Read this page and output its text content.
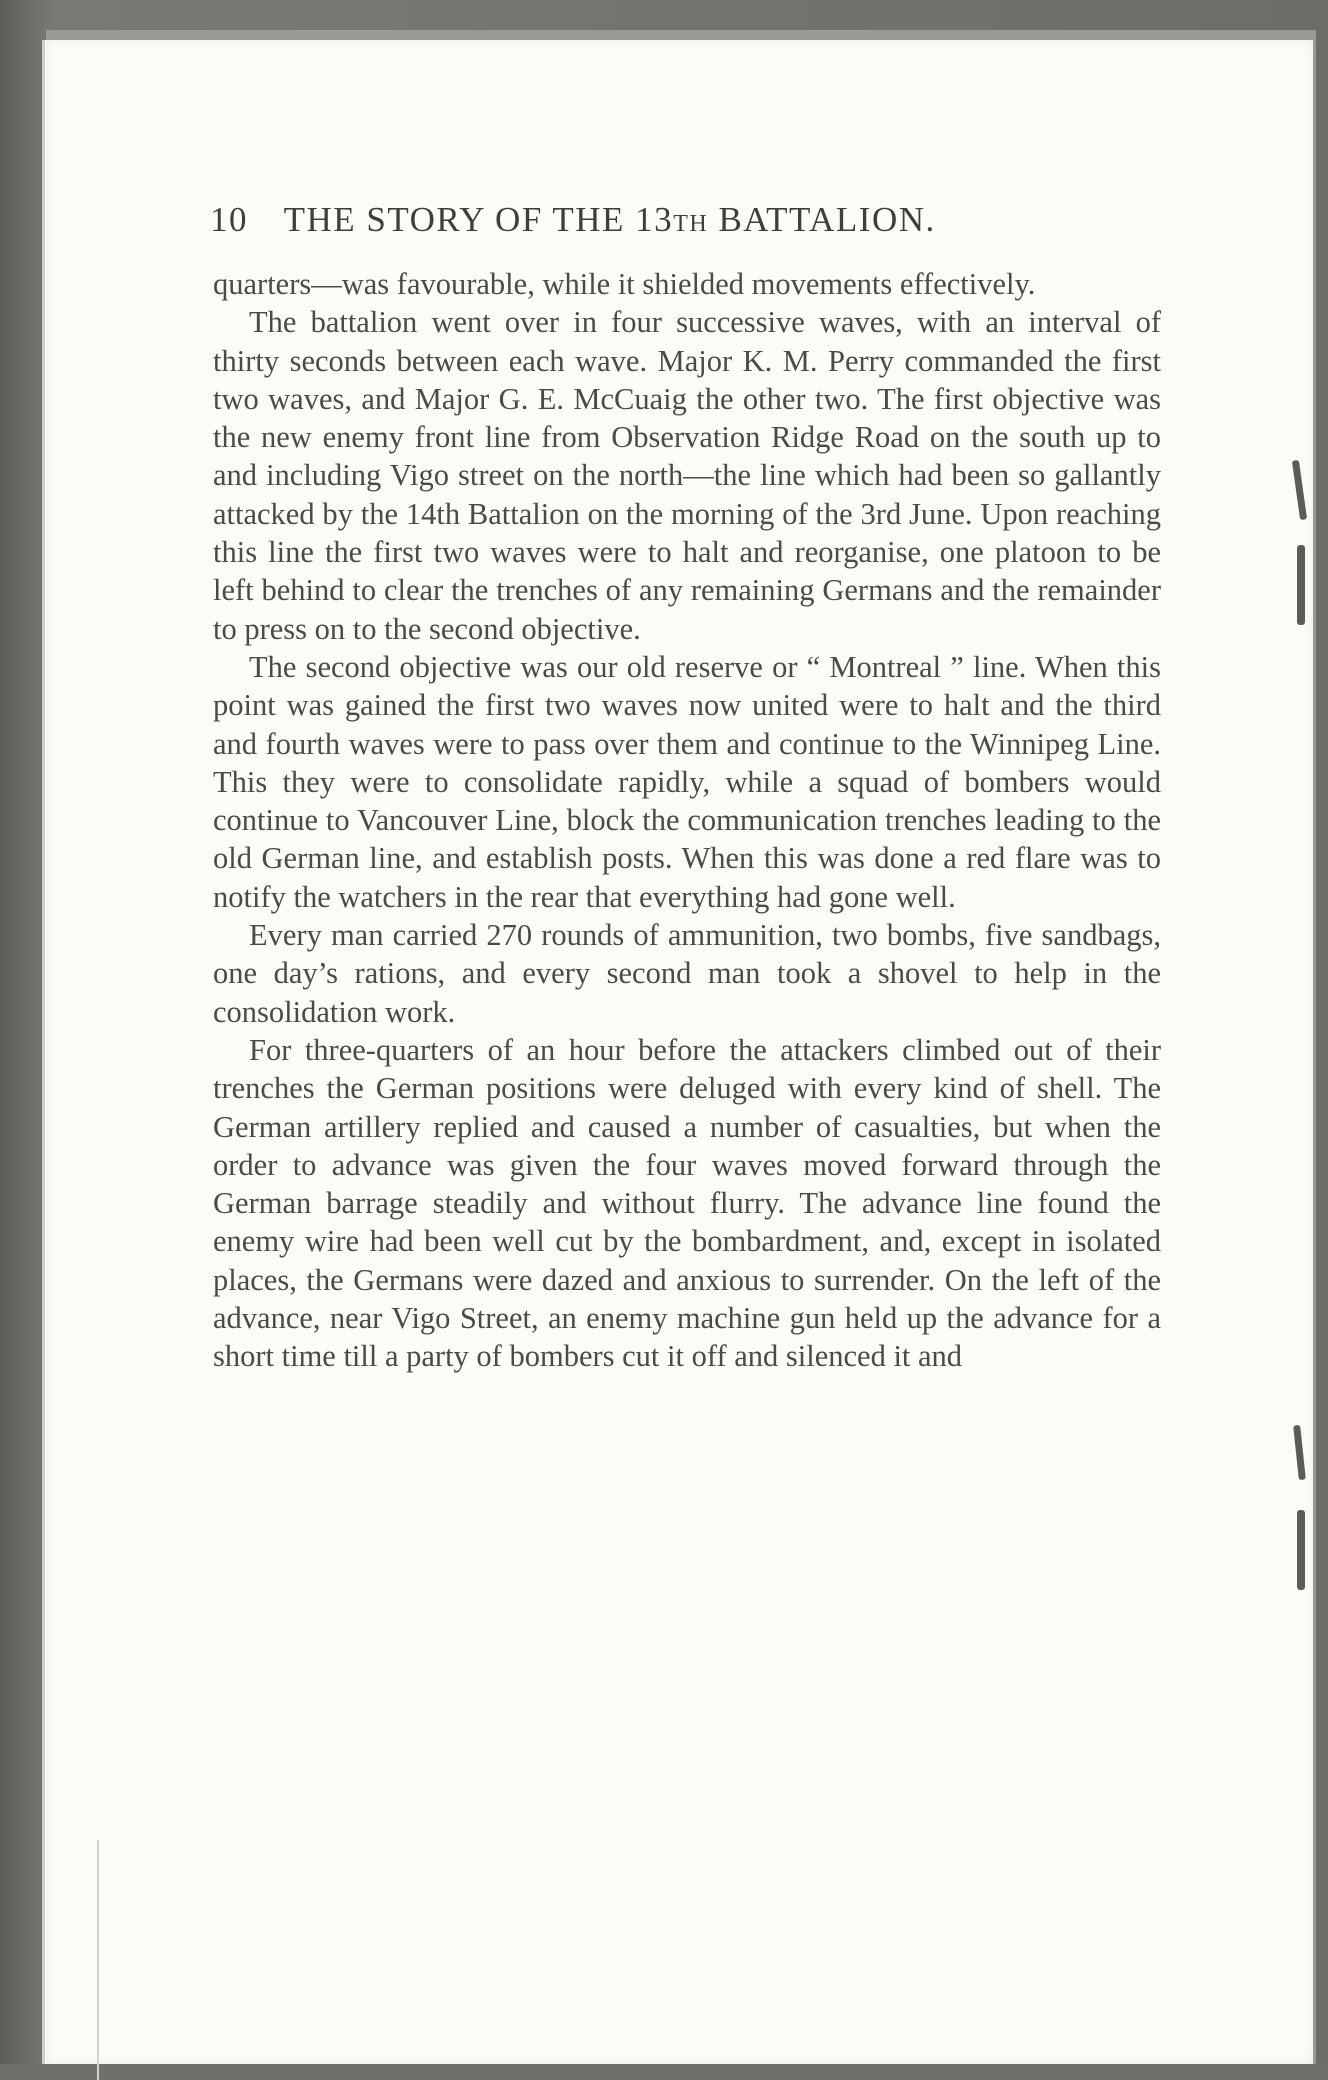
10 THE STORY OF THE 13TH BATTALION.

quarters—was favourable, while it shielded movements effectively.

The battalion went over in four successive waves, with an interval of thirty seconds between each wave. Major K. M. Perry commanded the first two waves, and Major G. E. McCuaig the other two. The first objective was the new enemy front line from Observation Ridge Road on the south up to and including Vigo street on the north—the line which had been so gallantly attacked by the 14th Battalion on the morning of the 3rd June. Upon reaching this line the first two waves were to halt and reorganise, one platoon to be left behind to clear the trenches of any remaining Germans and the remainder to press on to the second objective.

The second objective was our old reserve or “ Montreal ” line. When this point was gained the first two waves now united were to halt and the third and fourth waves were to pass over them and continue to the Winnipeg Line. This they were to consolidate rapidly, while a squad of bombers would continue to Vancouver Line, block the communication trenches leading to the old German line, and establish posts. When this was done a red flare was to notify the watchers in the rear that everything had gone well.

Every man carried 270 rounds of ammunition, two bombs, five sandbags, one day’s rations, and every second man took a shovel to help in the consolidation work.

For three-quarters of an hour before the attackers climbed out of their trenches the German positions were deluged with every kind of shell. The German artillery replied and caused a number of casualties, but when the order to advance was given the four waves moved forward through the German barrage steadily and without flurry. The advance line found the enemy wire had been well cut by the bombardment, and, except in isolated places, the Germans were dazed and anxious to surrender. On the left of the advance, near Vigo Street, an enemy machine gun held up the advance for a short time till a party of bombers cut it off and silenced it and
